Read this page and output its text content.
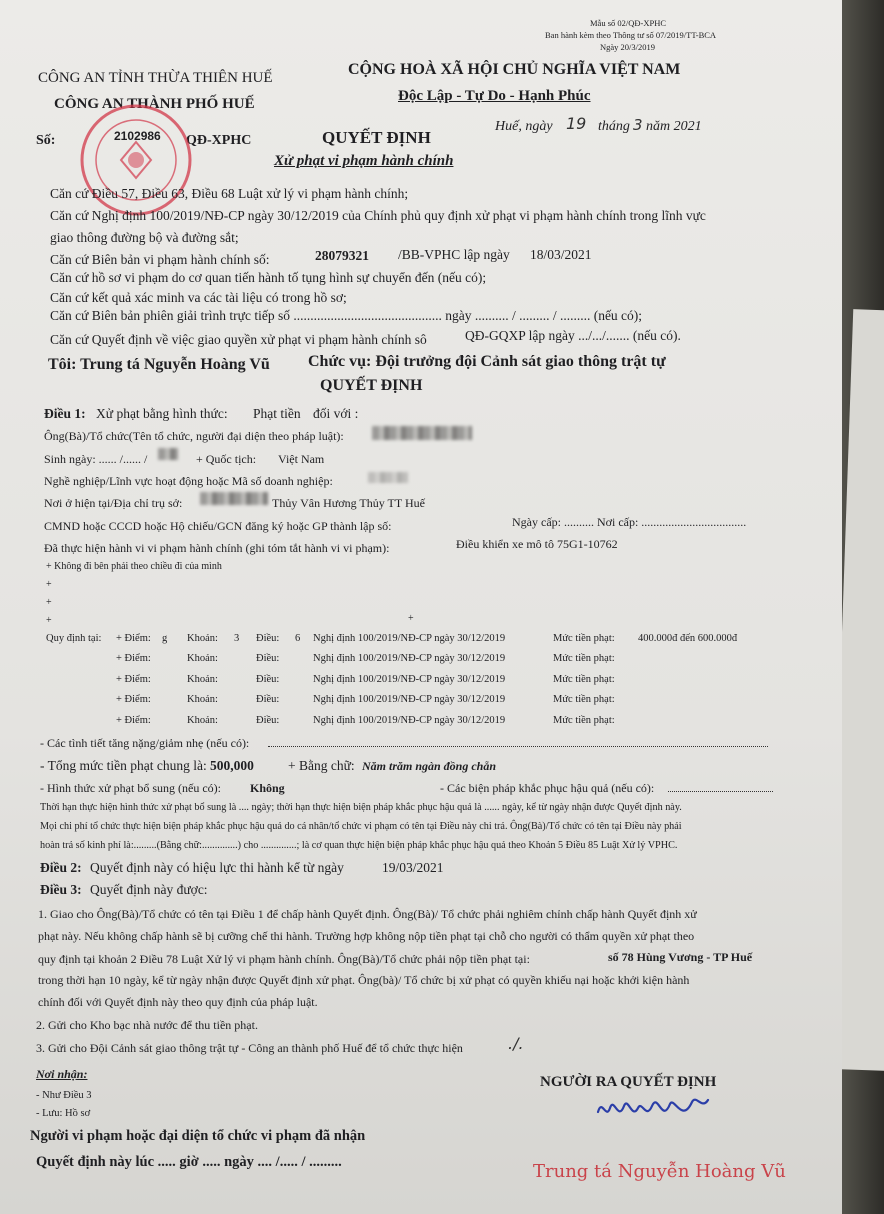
Mẫu số 02/QĐ-XPHC
Ban hành kèm theo Thông tư số 07/2019/TT-BCA
Ngày 20/3/2019
CÔNG AN TỈNH THỪA THIÊN HUẾ
CÔNG AN THÀNH PHỐ HUẾ
CỘNG HOÀ XÃ HỘI CHỦ NGHĨA VIỆT NAM
Độc Lập - Tự Do - Hạnh Phúc
Số:	2102986 QĐ-XPHC
Huế, ngày 19 tháng 3 năm 2021
QUYẾT ĐỊNH
Xử phạt vi phạm hành chính
Căn cứ Điều 57, Điều 63, Điều 68 Luật xử lý vi phạm hành chính;
Căn cứ Nghị định 100/2019/NĐ-CP ngày 30/12/2019 của Chính phủ quy định xử phạt vi phạm hành chính trong lĩnh vực
giao thông đường bộ và đường sắt;
Căn cứ Biên bản vi phạm hành chính số:	28079321 /BB-VPHC lập ngày 18/03/2021
Căn cứ hồ sơ vi phạm do cơ quan tiến hành tố tụng hình sự chuyển đến (nếu có);
Căn cứ kết quả xác minh va các tài liệu có trong hồ sơ;
Căn cứ Biên bản phiên giải trình trực tiếp số ............................................ ngày .......... / ......... / ......... (nếu có);
Căn cứ Quyết định về việc giao quyền xử phạt vi phạm hành chính sô	QĐ-GQXP lập ngày .../.../....... (nếu có).
Tôi: Trung tá Nguyễn Hoàng Vũ Chức vụ: Đội trưởng đội Cảnh sát giao thông trật tự
QUYẾT ĐỊNH
Điều 1: Xử phạt bằng hình thức: Phạt tiền đối với :
Ông(Bà)/Tổ chức(Tên tổ chức, người đại diện theo pháp luật):
Sinh ngày: ...... /...... /	+ Quốc tịch: Việt Nam
Nghề nghiệp/Lĩnh vực hoạt động hoặc Mã số doanh nghiệp:
Nơi ở hiện tại/Địa chỉ trụ sở:	Thủy Vân Hương Thủy TT Huế
CMND hoặc CCCD hoặc Hộ chiếu/GCN đăng ký hoặc GP thành lập số:	Ngày cấp: .......... Nơi cấp: ...................................
Đã thực hiện hành vi vi phạm hành chính (ghi tóm tắt hành vi vi phạm):	Điều khiển xe mô tô 75G1-10762
+ Không đi bên phải theo chiều đi của mình
+
+
+	+
Quy định tại: + Điểm: g Khoản: 3 Điều: 6 Nghị định 100/2019/NĐ-CP ngày 30/12/2019	Mức tiền phạt: 400.000đ đến 600.000đ
+ Điểm:	Khoản:	Điều:	Nghị định 100/2019/NĐ-CP ngày 30/12/2019	Mức tiền phạt:
+ Điểm:	Khoản:	Điều:	Nghị định 100/2019/NĐ-CP ngày 30/12/2019	Mức tiền phạt:
+ Điểm:	Khoản:	Điều:	Nghị định 100/2019/NĐ-CP ngày 30/12/2019	Mức tiền phạt:
+ Điểm:	Khoản:	Điều:	Nghị định 100/2019/NĐ-CP ngày 30/12/2019	Mức tiền phạt:
- Các tình tiết tăng nặng/giảm nhẹ (nếu có):
- Tổng mức tiền phạt chung là: 500,000	+ Bằng chữ: Năm trăm ngàn đồng chẵn
- Hình thức xử phạt bổ sung (nếu có): Không	- Các biện pháp khắc phục hậu quả (nếu có):
Thời hạn thực hiện hình thức xử phạt bổ sung là .... ngày; thời hạn thực hiện biện pháp khắc phục hậu quả là ...... ngày, kể từ ngày nhận được Quyết định này.
Mọi chi phí tổ chức thực hiện biện pháp khắc phục hậu quả do cá nhân/tổ chức vi phạm có tên tại Điều này chi trả. Ông(Bà)/Tổ chức có tên tại Điều này phải
hoàn trả số kinh phí là:.........(Bằng chữ:..............) cho ..............; là cơ quan thực hiện biện pháp khắc phục hậu quả theo Khoản 5 Điều 85 Luật Xử lý VPHC.
Điều 2: Quyết định này có hiệu lực thi hành kể từ ngày	19/03/2021
Điều 3: Quyết định này được:
1. Giao cho Ông(Bà)/Tổ chức có tên tại Điều 1 để chấp hành Quyết định. Ông(Bà)/ Tổ chức phải nghiêm chỉnh chấp hành Quyết định xử
phạt này. Nếu không chấp hành sẽ bị cưỡng chế thi hành. Trường hợp không nộp tiền phạt tại chỗ cho người có thẩm quyền xử phạt theo
quy định tại khoản 2 Điều 78 Luật Xử lý vi phạm hành chính. Ông(Bà)/Tổ chức phải nộp tiền phạt tại:	số 78 Hùng Vương - TP Huế
trong thời hạn 10 ngày, kể từ ngày nhận được Quyết định xử phạt. Ông(bà)/ Tổ chức bị xử phạt có quyền khiếu nại hoặc khởi kiện hành
chính đối với Quyết định này theo quy định của pháp luật.
2. Gửi cho Kho bạc nhà nước để thu tiền phạt.
3. Gửi cho Đội Cảnh sát giao thông trật tự - Công an thành phố Huế để tổ chức thực hiện	./.
Nơi nhận:
- Như Điều 3
- Lưu: Hồ sơ
NGƯỜI RA QUYẾT ĐỊNH
Trung tá Nguyễn Hoàng Vũ
Người vi phạm hoặc đại diện tổ chức vi phạm đã nhận
Quyết định này lúc ..... giờ ..... ngày .... /..... / .........
